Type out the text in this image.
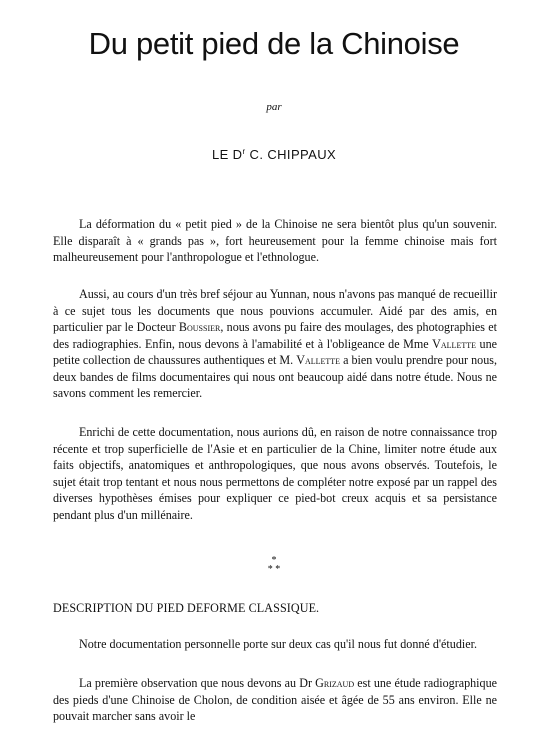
Du petit pied de la Chinoise
par
LE $D^r$ C. CHIPPAUX

La déformation du « petit pied » de la Chinoise ne sera bientôt plus qu'un souvenir. Elle disparaît à « grands pas », fort heureusement pour la femme chinoise mais fort malheureusement pour l'anthropologue et l'ethnologue.

Aussi, au cours d'un très bref séjour au Yunnan, nous n'avons pas manqué de recueillir à ce sujet tous les documents que nous pouvions accumuler. Aidé par des amis, en particulier par le Docteur Boussier, nous avons pu faire des moulages, des photographies et des radiographies. Enfin, nous devons à l'amabilité et à l'obligeance de Mme Vallette une petite collection de chaussures authentiques et M. Vallette a bien voulu prendre pour nous, deux bandes de films documentaires qui nous ont beaucoup aidé dans notre étude. Nous ne savons comment les remercier.

Enrichi de cette documentation, nous aurions dû, en raison de notre connaissance trop récente et trop superficielle de l'Asie et en particulier de la Chine, limiter notre étude aux faits objectifs, anatomiques et anthropologiques, que nous avons observés. Toutefois, le sujet était trop tentant et nous nous permettons de compléter notre exposé par un rappel des diverses hypothèses émises pour expliquer ce pied-bot creux acquis et sa persistance pendant plus d'un millénaire.

*
* *
DESCRIPTION DU PIED DEFORME CLASSIQUE.

Notre documentation personnelle porte sur deux cas qu'il nous fut donné d'étudier.

La première observation que nous devons au Dr Grizaud est une étude radiographique des pieds d'une Chinoise de Cholon, de condition aisée et âgée de 55 ans environ. Elle ne pouvait marcher sans avoir le
